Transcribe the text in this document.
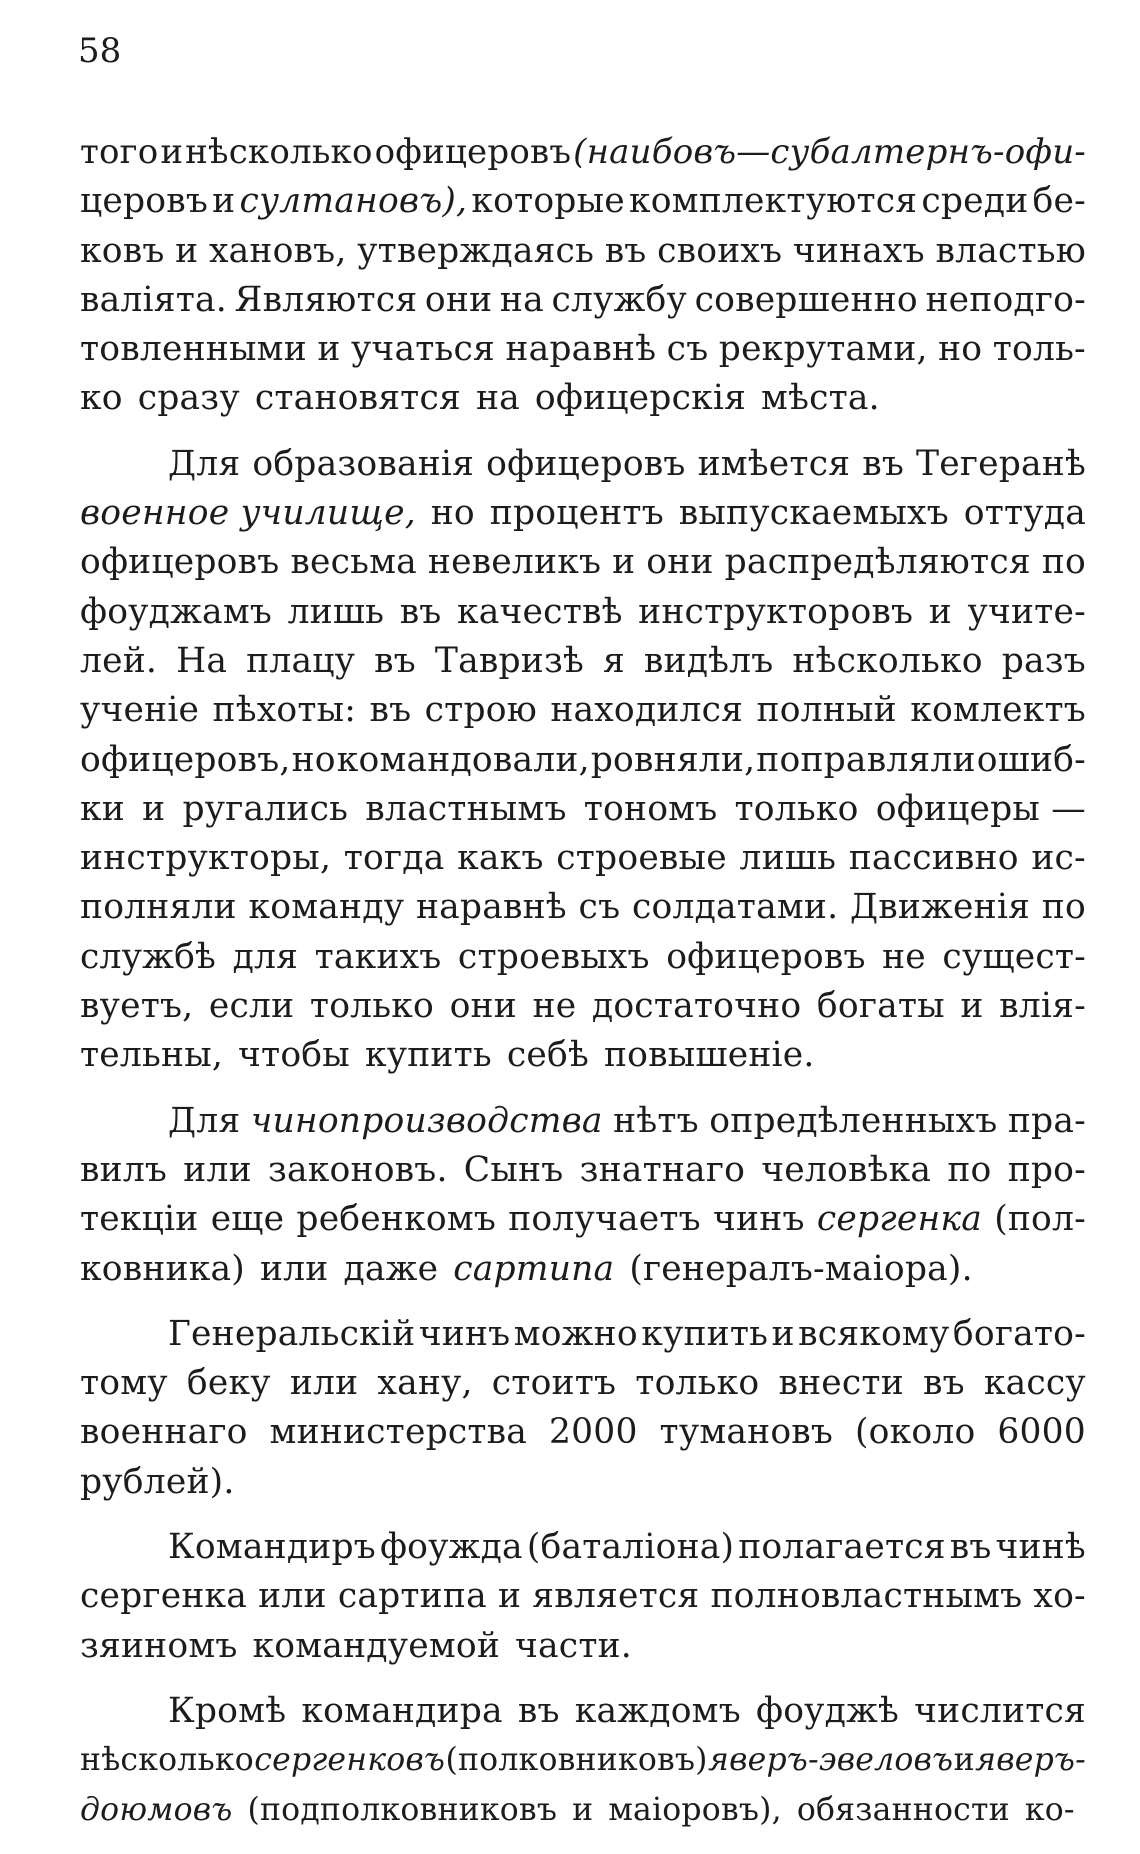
58
того и нѣсколько офицеровъ (наибовъ—субалтернъ-офи-
церовъ и султановъ), которые комплектуются среди бе-
ковъ и хановъ, утверждаясь въ своихъ чинахъ властью
валіята. Являются они на службу совершенно неподго-
товленными и учаться наравнѣ съ рекрутами, но толь-
ко сразу становятся на офицерскія мѣста.
Для образованія офицеровъ имѣется въ Тегеранѣ
военное училище, но процентъ выпускаемыхъ оттуда
офицеровъ весьма невеликъ и они распредѣляются по
фоуджамъ лишь въ качествѣ инструкторовъ и учите-
лей. На плацу въ Тавризѣ я видѣлъ нѣсколько разъ
ученіе пѣхоты: въ строю находился полный комлектъ
офицеровъ, но командовали, ровняли, поправляли ошиб-
ки и ругались властнымъ тономъ только офицеры —
инструкторы, тогда какъ строевые лишь пассивно ис-
полняли команду наравнѣ съ солдатами. Движенія по
службѣ для такихъ строевыхъ офицеровъ не сущест-
вуетъ, если только они не достаточно богаты и влія-
тельны, чтобы купить себѣ повышеніе.
Для чинопроизводства нѣтъ опредѣленныхъ пра-
вилъ или законовъ. Сынъ знатнаго человѣка по про-
текціи еще ребенкомъ получаетъ чинъ сергенка (пол-
ковника) или даже сартипа (генералъ-маіора).
Генеральскій чинъ можно купить и всякому богато-
тому беку или хану, стоитъ только внести въ кассу
военнаго министерства 2000 тумановъ (около 6000
рублей).
Командиръ фоужда (баталіона) полагается въ чинѣ
сергенка или сартипа и является полновластнымъ хо-
зяиномъ командуемой части.
Кромѣ командира въ каждомъ фоуджѣ числится
нѣсколько сергенковъ (полковниковъ) яверъ-эвеловъ и яверъ-
доюмовъ (подполковниковъ и маіоровъ), обязанности ко-
